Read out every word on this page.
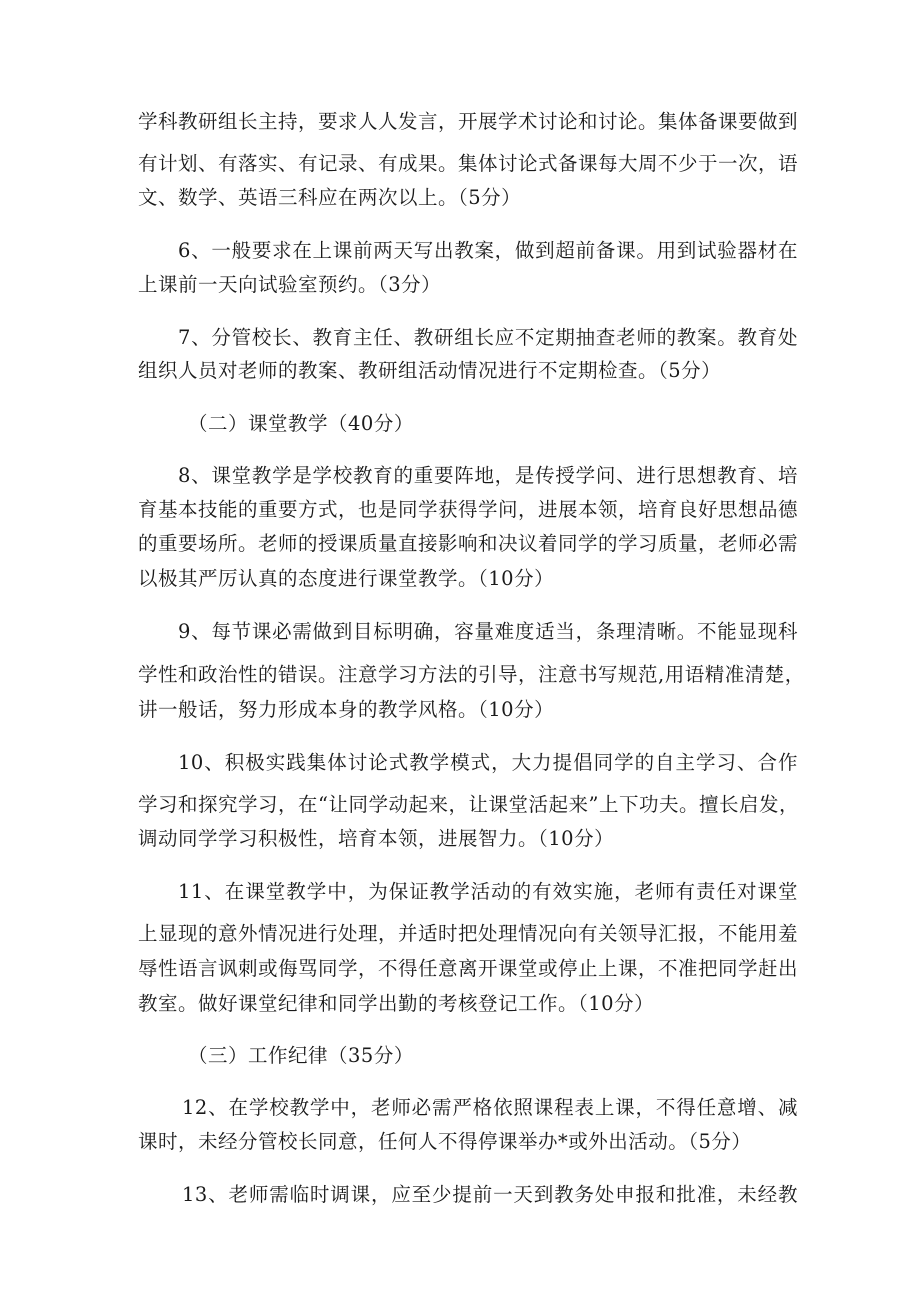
学科教研组长主持，要求人人发言，开展学术讨论和讨论。集体备课要做到
有计划、有落实、有记录、有成果。集体讨论式备课每大周不少于一次，语
文、数学、英语三科应在两次以上。（5分）
6、一般要求在上课前两天写出教案，做到超前备课。用到试验器材在
上课前一天向试验室预约。（3分）
7、分管校长、教育主任、教研组长应不定期抽查老师的教案。教育处
组织人员对老师的教案、教研组活动情况进行不定期检查。（5分）
（二）课堂教学（40分）
8、课堂教学是学校教育的重要阵地，是传授学问、进行思想教育、培
育基本技能的重要方式，也是同学获得学问，进展本领，培育良好思想品德
的重要场所。老师的授课质量直接影响和决议着同学的学习质量，老师必需
以极其严厉认真的态度进行课堂教学。（10分）
9、每节课必需做到目标明确，容量难度适当，条理清晰。不能显现科
学性和政治性的错误。注意学习方法的引导，注意书写规范,用语精准清楚，
讲一般话，努力形成本身的教学风格。（10分）
10、积极实践集体讨论式教学模式，大力提倡同学的自主学习、合作
学习和探究学习，在“让同学动起来，让课堂活起来”上下功夫。擅长启发，
调动同学学习积极性，培育本领，进展智力。（10分）
11、在课堂教学中，为保证教学活动的有效实施，老师有责任对课堂
上显现的意外情况进行处理，并适时把处理情况向有关领导汇报，不能用羞
辱性语言讽刺或侮骂同学，不得任意离开课堂或停止上课，不准把同学赶出
教室。做好课堂纪律和同学出勤的考核登记工作。（10分）
（三）工作纪律（35分）
12、在学校教学中，老师必需严格依照课程表上课，不得任意增、减
课时，未经分管校长同意，任何人不得停课举办*或外出活动。（5分）
13、老师需临时调课，应至少提前一天到教务处申报和批准，未经教
